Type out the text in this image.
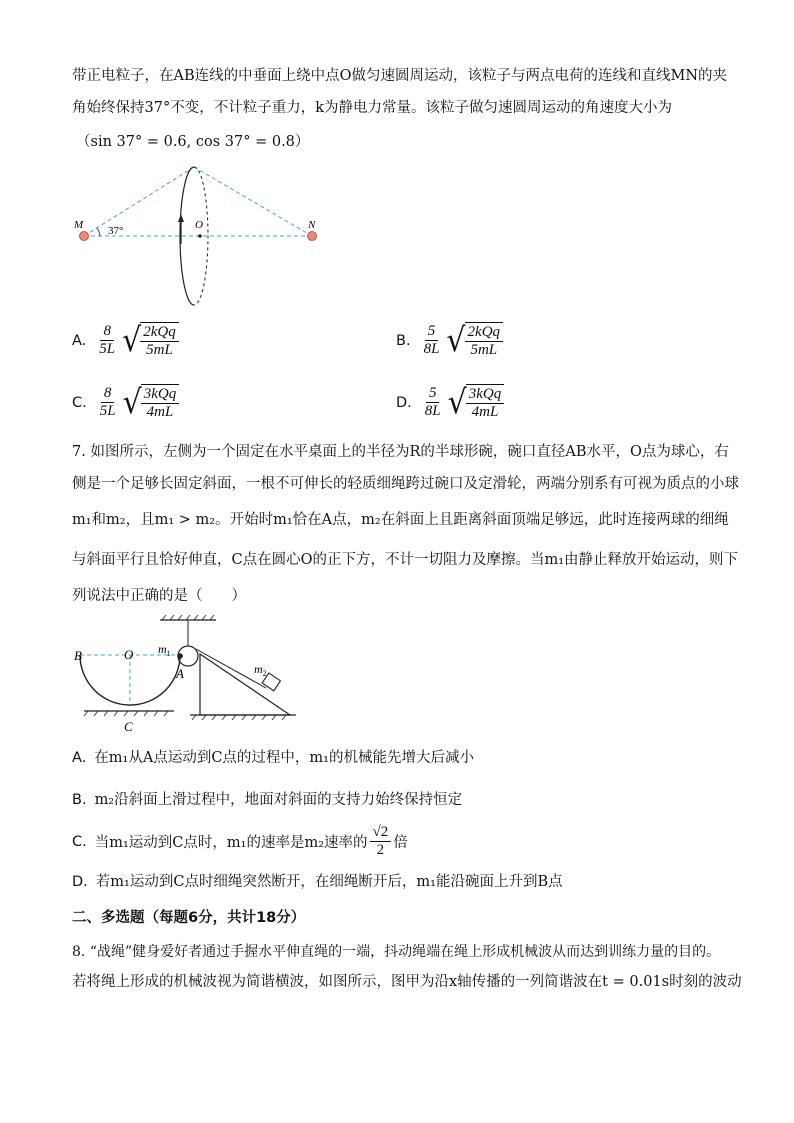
带正电粒子，在AB连线的中垂面上绕中点O做匀速圆周运动，该粒子与两点电荷的连线和直线MN的夹
角始终保持37°不变，不计粒子重力，k为静电力常量。该粒子做匀速圆周运动的角速度大小为
（sin 37° = 0.6, cos 37° = 0.8）
M	N
O
37°
A. $\frac{8}{5L}$ √ $\frac{\text{2kQq}}{5mL}$	B. $\frac{5}{8L}$ √ $\frac{\text{2kQq}}{5mL}$
C. $\frac{8}{5L}$ √ $\frac{\text{3kQq}}{4mL}$	D. $\frac{5}{8L}$ √ $\frac{\text{3kQq}}{4mL}$
7. 如图所示，左侧为一个固定在水平桌面上的半径为R的半球形碗，碗口直径AB水平，O点为球心，右
侧是一个足够长固定斜面，一根不可伸长的轻质细绳跨过碗口及定滑轮，两端分别系有可视为质点的小球
m₁和m₂，且m₁ > m₂。开始时m₁恰在A点，m₂在斜面上且距离斜面顶端足够远，此时连接两球的细绳
与斜面平行且恰好伸直，C点在圆心O的正下方，不计一切阻力及摩擦。当m₁由静止释放开始运动，则下
列说法中正确的是（　　）
B	O
A
C
$m_1$
$m_2$
A. 在m₁从A点运动到C点的过程中，m₁的机械能先增大后减小
B. m₂沿斜面上滑过程中，地面对斜面的支持力始终保持恒定
C. 当m₁运动到C点时，m₁的速率是m₂速率的 $\frac{√2}{2}$ 倍
D. 若m₁运动到C点时细绳突然断开，在细绳断开后，m₁能沿碗面上升到B点
二、多选题（每题6分，共计18分）
8. “战绳”健身爱好者通过手握水平伸直绳的一端，抖动绳端在绳上形成机械波从而达到训练力量的目的。
若将绳上形成的机械波视为简谐横波，如图所示，图甲为沿x轴传播的一列简谐波在t = 0.01s时刻的波动
